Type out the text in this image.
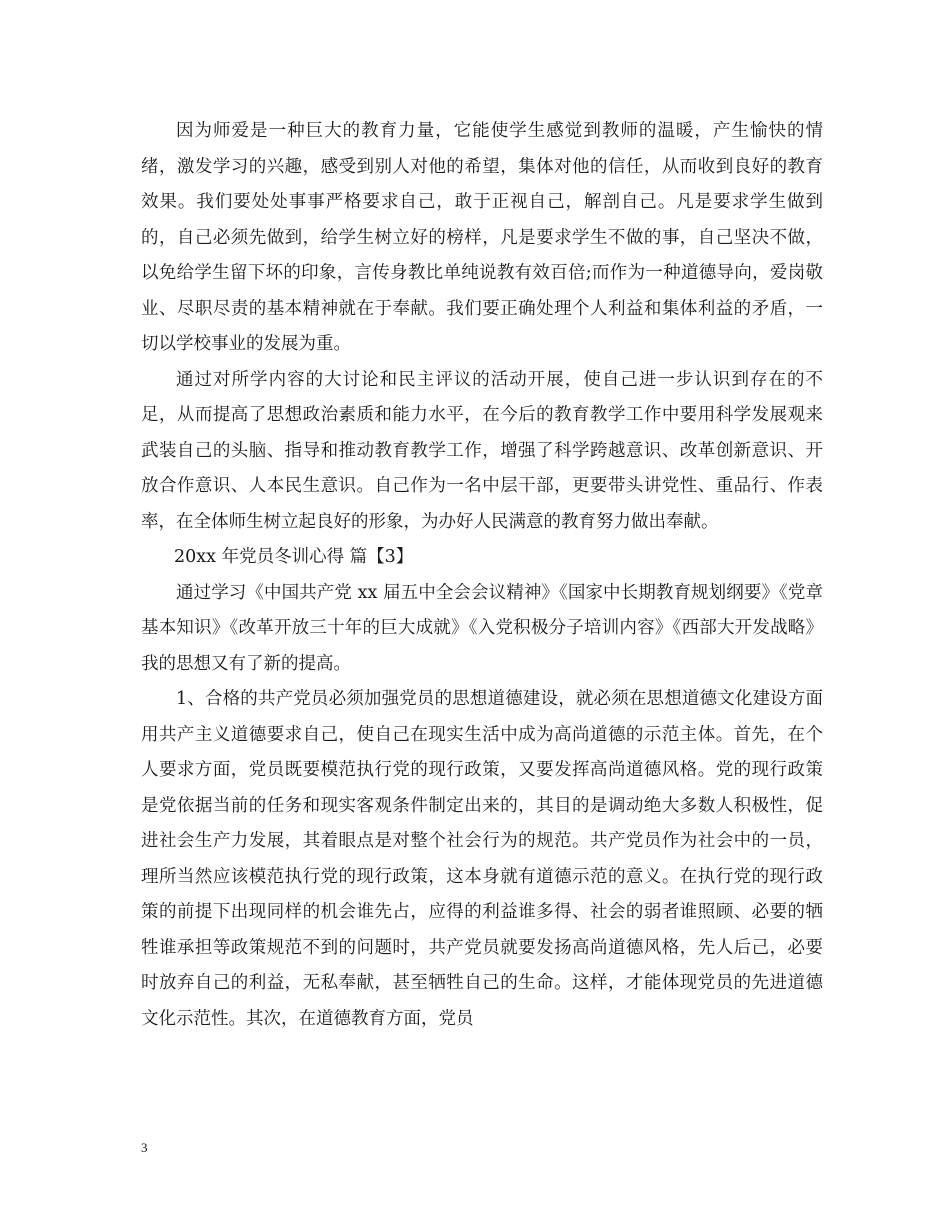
因为师爱是一种巨大的教育力量，它能使学生感觉到教师的温暖，产生愉快的情绪，激发学习的兴趣，感受到别人对他的希望，集体对他的信任，从而收到良好的教育效果。我们要处处事事严格要求自己，敢于正视自己，解剖自己。凡是要求学生做到的，自己必须先做到，给学生树立好的榜样，凡是要求学生不做的事，自己坚决不做，以免给学生留下坏的印象，言传身教比单纯说教有效百倍;而作为一种道德导向，爱岗敬业、尽职尽责的基本精神就在于奉献。我们要正确处理个人利益和集体利益的矛盾，一切以学校事业的发展为重。

通过对所学内容的大讨论和民主评议的活动开展，使自己进一步认识到存在的不足，从而提高了思想政治素质和能力水平，在今后的教育教学工作中要用科学发展观来武装自己的头脑、指导和推动教育教学工作，增强了科学跨越意识、改革创新意识、开放合作意识、人本民生意识。自己作为一名中层干部，更要带头讲党性、重品行、作表率，在全体师生树立起良好的形象，为办好人民满意的教育努力做出奉献。

20xx 年党员冬训心得 篇【3】

通过学习《中国共产党 xx 届五中全会会议精神》《国家中长期教育规划纲要》《党章基本知识》《改革开放三十年的巨大成就》《入党积极分子培训内容》《西部大开发战略》我的思想又有了新的提高。

1、合格的共产党员必须加强党员的思想道德建设，就必须在思想道德文化建设方面用共产主义道德要求自己，使自己在现实生活中成为高尚道德的示范主体。首先，在个人要求方面，党员既要模范执行党的现行政策，又要发挥高尚道德风格。党的现行政策是党依据当前的任务和现实客观条件制定出来的，其目的是调动绝大多数人积极性，促进社会生产力发展，其着眼点是对整个社会行为的规范。共产党员作为社会中的一员，理所当然应该模范执行党的现行政策，这本身就有道德示范的意义。在执行党的现行政策的前提下出现同样的机会谁先占，应得的利益谁多得、社会的弱者谁照顾、必要的牺牲谁承担等政策规范不到的问题时，共产党员就要发扬高尚道德风格，先人后己，必要时放弃自己的利益，无私奉献，甚至牺牲自己的生命。这样，才能体现党员的先进道德文化示范性。其次，在道德教育方面，党员

3
